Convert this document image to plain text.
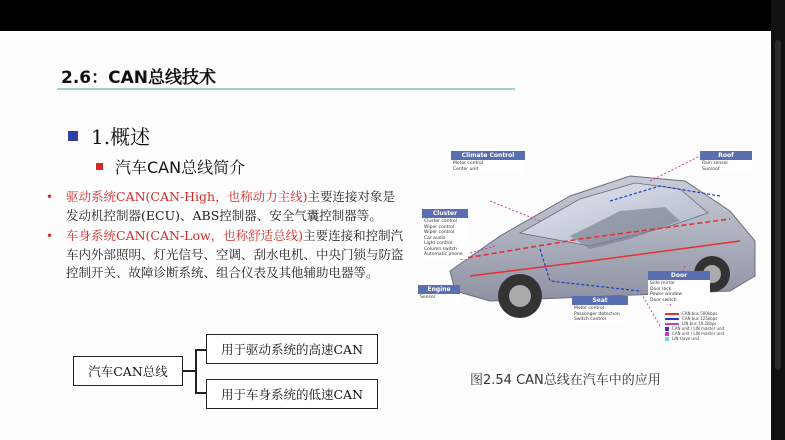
2.6：CAN总线技术
1.概述
汽车CAN总线简介
• 驱动系统CAN(CAN-High，也称动力主线)主要连接对象是发动机控制器(ECU)、ABS控制器、安全气囊控制器等。
• 车身系统CAN(CAN-Low，也称舒适总线)主要连接和控制汽车内外部照明、灯光信号、空调、刮水电机、中央门锁与防盗控制开关、故障诊断系统、组合仪表及其他辅助电器等。
汽车CAN总线
用于驱动系统的高速CAN
用于车身系统的低速CAN
Climate Control
Motor control
Center unit
Roof
Rain sensor
Sunroof
Cluster
Cluster control
Wiper control
Wiper control
Car audio
Light control
Column switch
Automatic phone
Door
Side mirror
Door lock
Power window
Door switch
Engine
Sensor	Seat
Motor control
Passenger detection
Switch control
CAN bus 500kbps
CAN bus 125kbps
LIN bus 19.2kbps
CAN unit / LIN master unit
CAN unit / LIN master unit
LIN slave unit
图2.54 CAN总线在汽车中的应用
